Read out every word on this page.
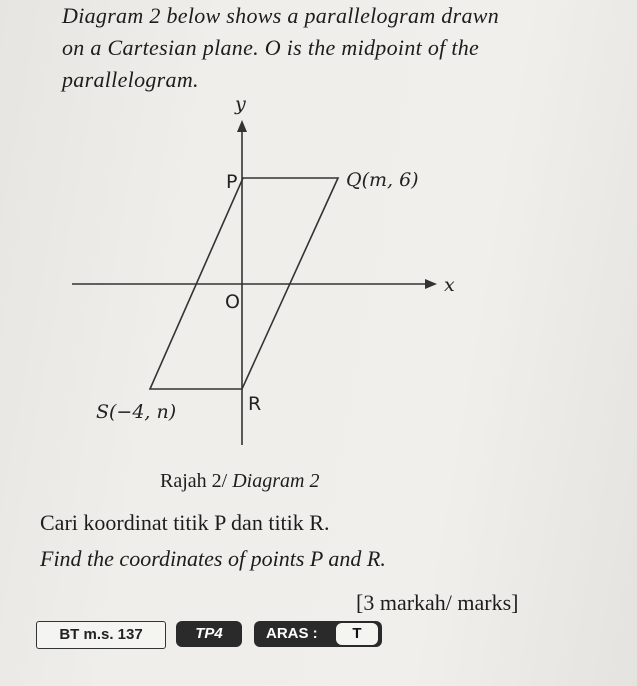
Diagram 2 below shows a parallelogram drawn
on a Cartesian plane. O is the midpoint of the
parallelogram.
y
x
O
P	Q(m, 6)
S(−4, n)	R
Rajah 2/ Diagram 2
Cari koordinat titik P dan titik R.
Find the coordinates of points P and R.
[3 markah/ marks]
BT m.s. 137	TP4	ARAS :	T
